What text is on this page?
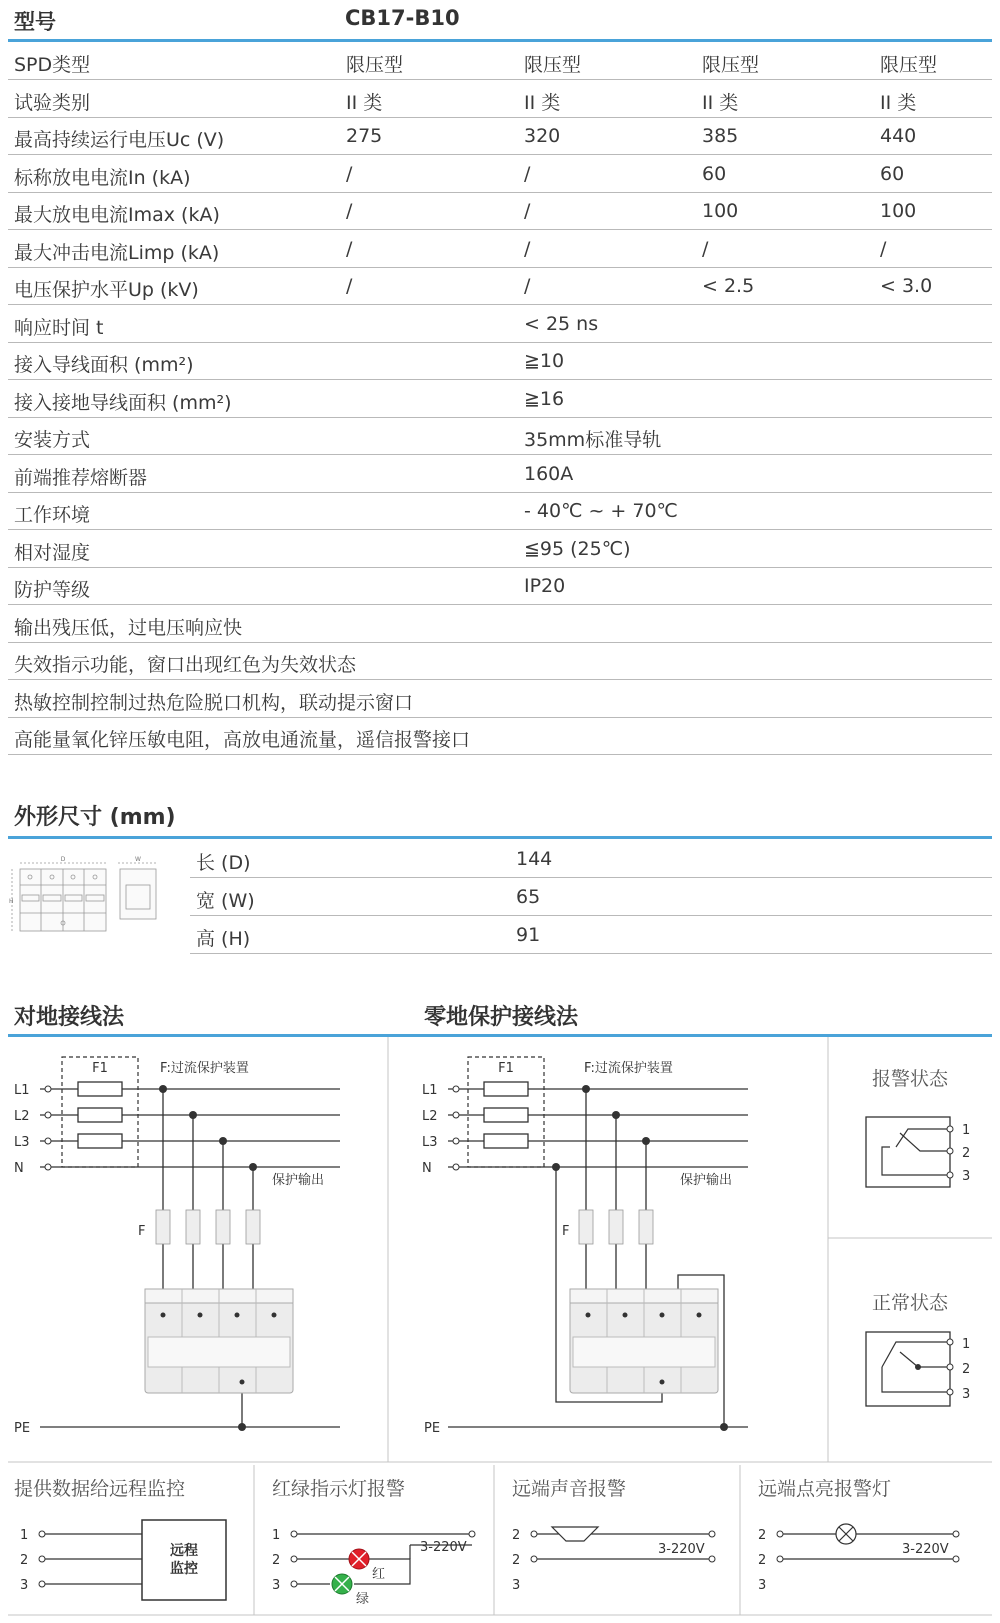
型号	CB17-B10
SPD类型	限压型	限压型	限压型	限压型
试验类别	II 类	II 类	II 类	II 类
最高持续运行电压Uc (V)	275	320	385	440
标称放电电流In (kA)	/	/	60	60
最大放电电流Imax (kA)	/	/	100	100
最大冲击电流Limp (kA)	/	/	/	/
电压保护水平Up (kV)	/	/	< 2.5	< 3.0
响应时间 t	< 25 ns
接入导线面积 (mm²)	≧10
接入接地导线面积 (mm²)	≧16
安装方式	35mm标准导轨
前端推荐熔断器	160A
工作环境	- 40℃ ~ + 70℃
相对湿度	≦95 (25℃)
防护等级	IP20
输出残压低，过电压响应快
失效指示功能，窗口出现红色为失效状态
热敏控制控制过热危险脱口机构，联动提示窗口
高能量氧化锌压敏电阻，高放电通流量，遥信报警接口
外形尺寸 (mm)
D	W
H
长 (D)	144
宽 (W)	65
高 (H)	91
对地接线法	零地保护接线法
F1	F:过流保护装置
L1
L2
L3
N
保护输出
F
PE
F1	F:过流保护装置
L1
L2
L3
N
保护输出
F
PE
报警状态
1
2
3
正常状态
1
2
3
提供数据给远程监控
1
2
3
远程
监控
红绿指示灯报警
1
2
3
3-220V
红
绿
远端声音报警
2
2
3
3-220V
远端点亮报警灯
2
2
3
3-220V
